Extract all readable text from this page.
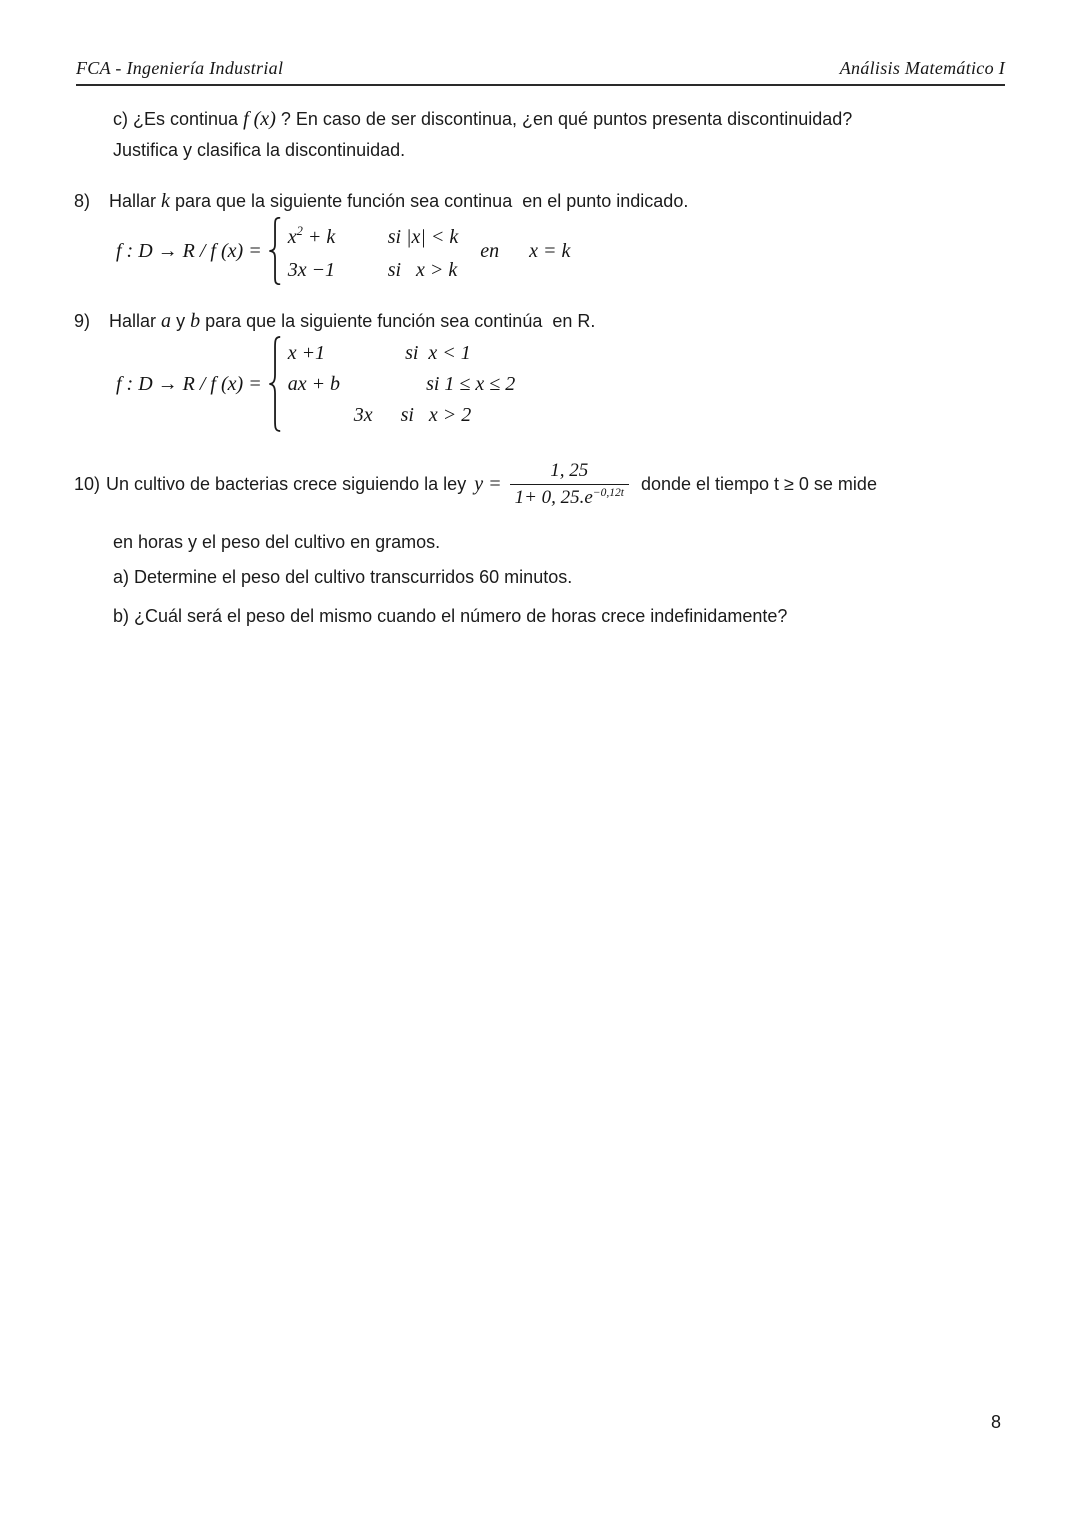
FCA - Ingeniería Industrial	Análisis Matemático I
c) ¿Es continua f (x) ? En caso de ser discontinua, ¿en qué puntos presenta discontinuidad?
Justifica y clasifica la discontinuidad.
8) Hallar k para que la siguiente función sea continua  en el punto indicado.
f : D → R / f (x) =
$x^2 + k$	si |x| < k
3x −1	si   x > k
en x = k
9) Hallar a y b para que la siguiente función sea continúa  en R.
f : D → R / f (x) =
x +1	si  x < 1
ax + b	si 1 ≤ x ≤ 2
3x si   x > 2
10) Un cultivo de bacterias crece siguiendo la ley $y = \frac{1, 25}{1+ 0, 25.e^{-0,12t}}$ donde el tiempo t ≥ 0 se mide
en horas y el peso del cultivo en gramos.
a) Determine el peso del cultivo transcurridos 60 minutos.
b) ¿Cuál será el peso del mismo cuando el número de horas crece indefinidamente?
8
